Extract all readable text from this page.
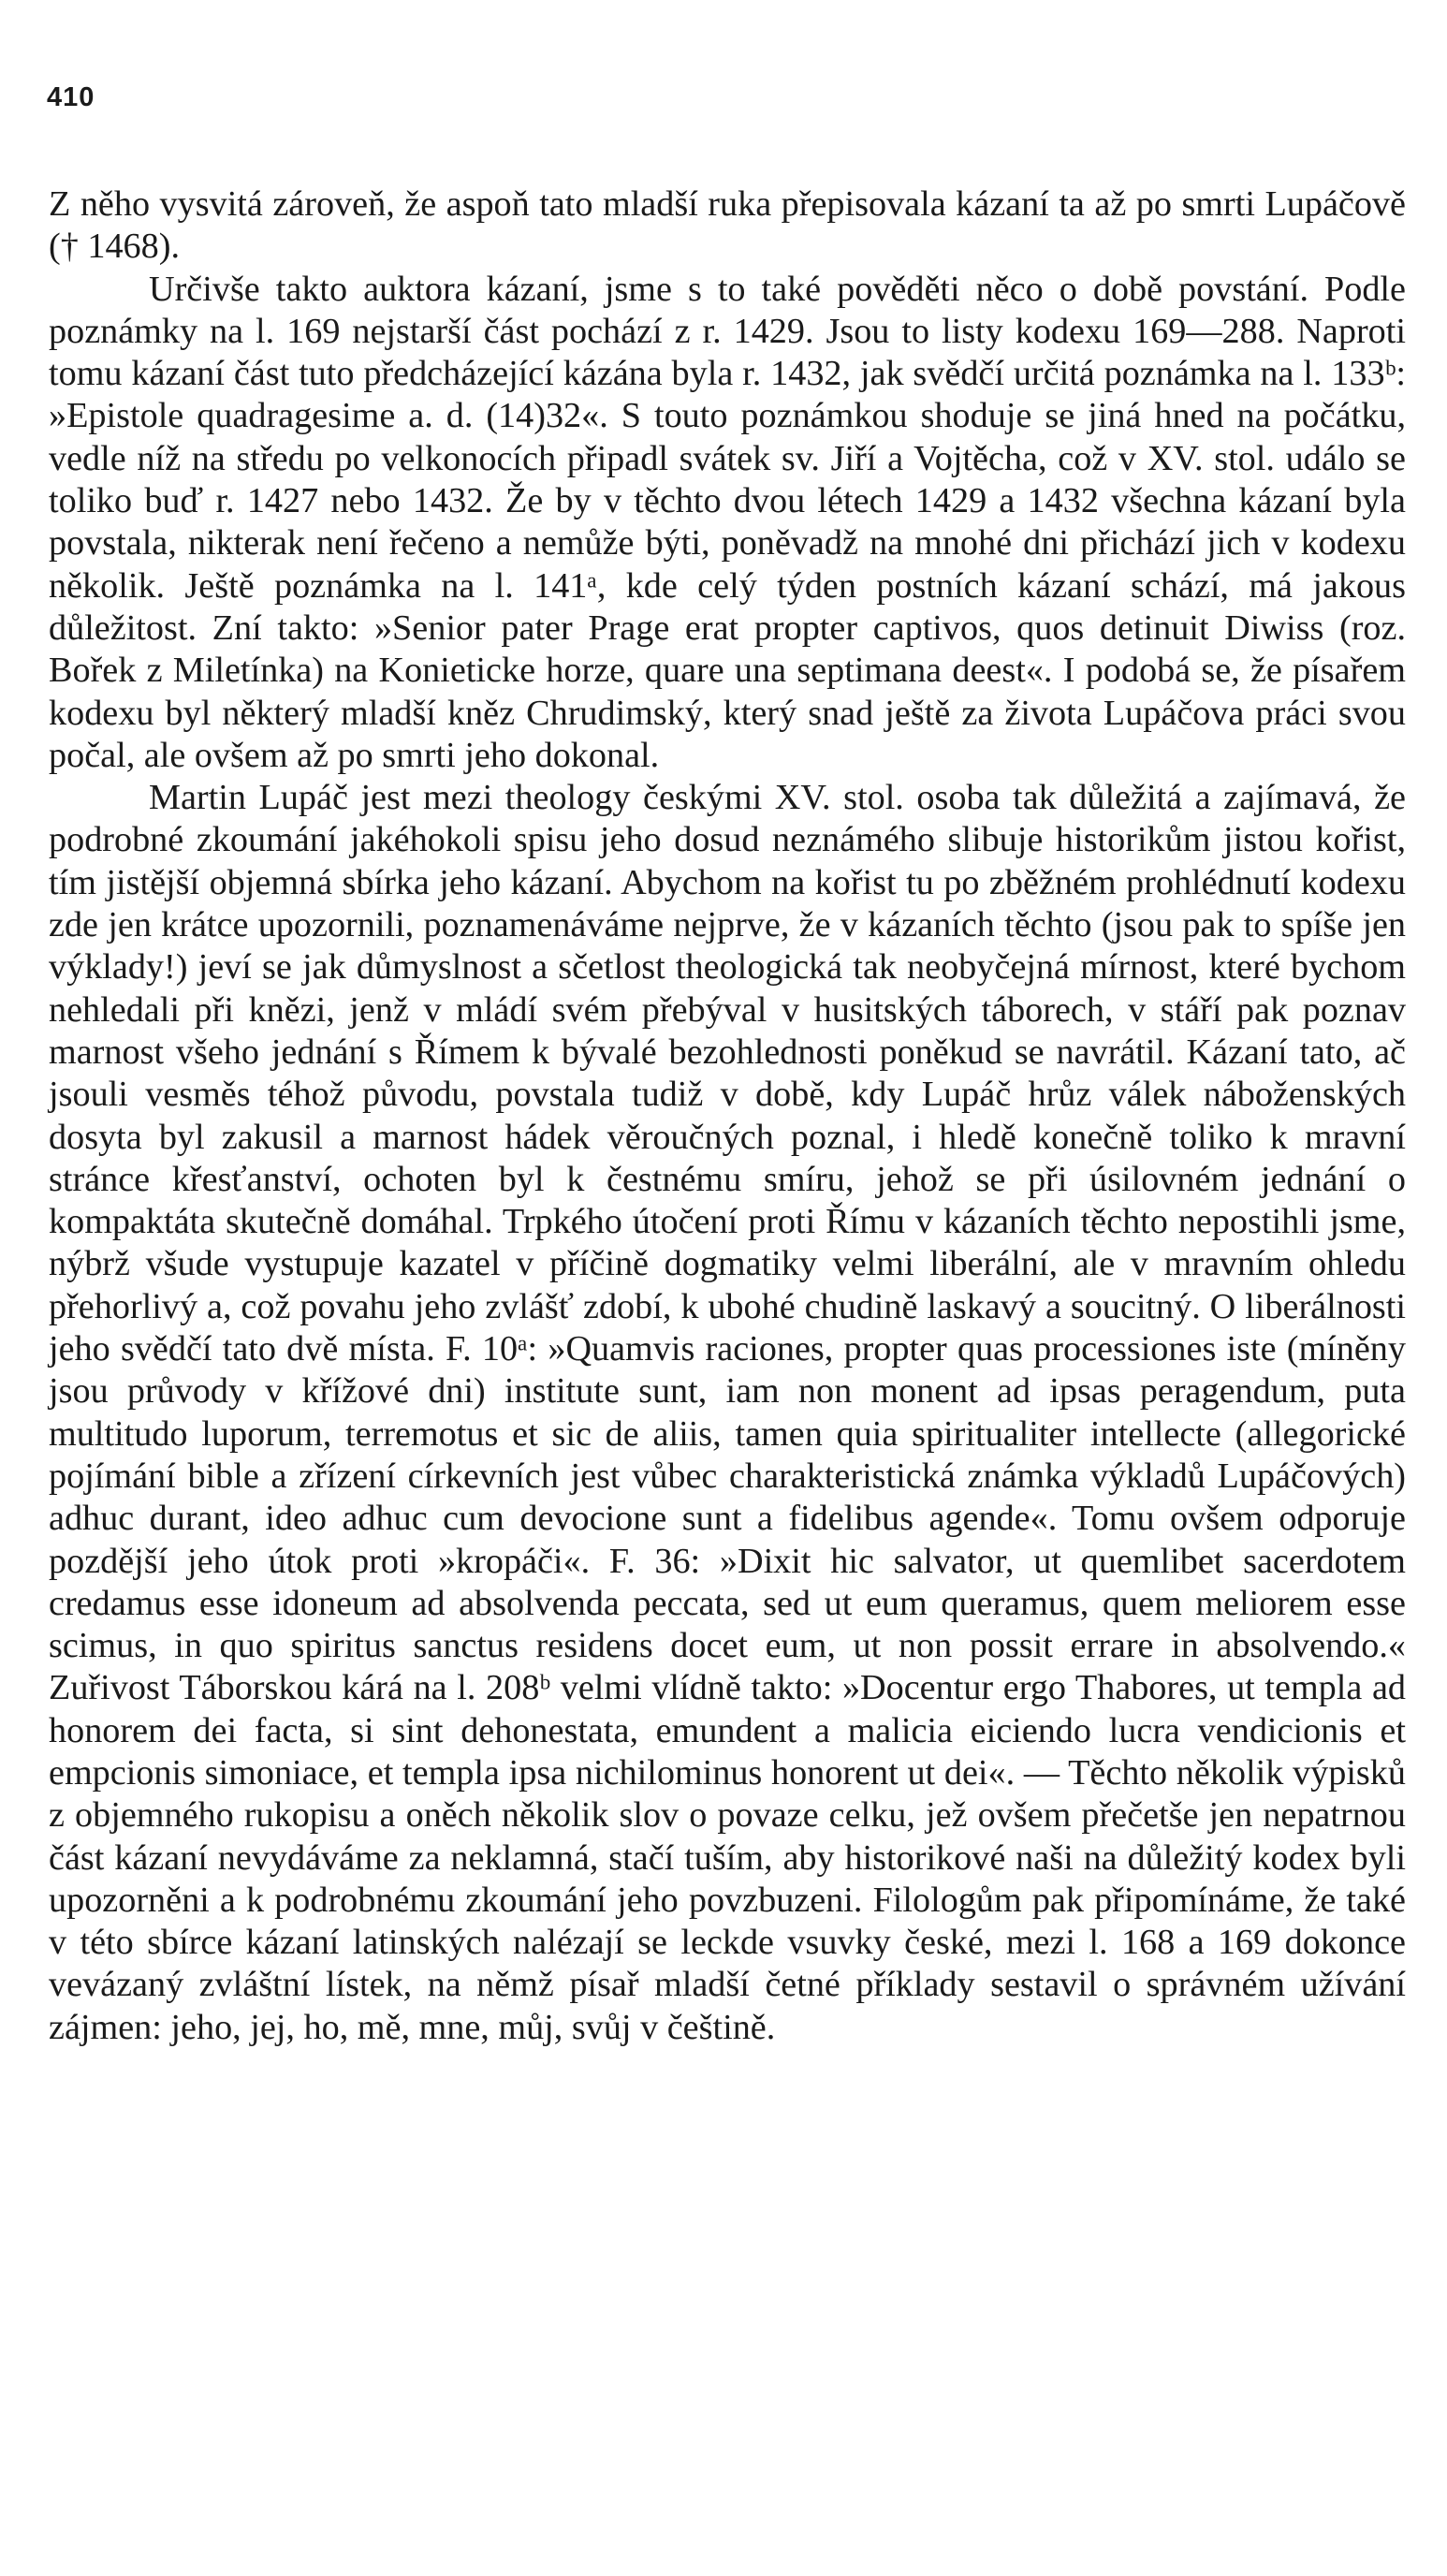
410

Z něho vysvitá zároveň, že aspoň tato mladší ruka přepisovala kázaní ta až po smrti Lupáčově († 1468).

Určivše takto auktora kázaní, jsme s to také pověděti něco o době povstání. Podle poznámky na l. 169 nejstarší část pochází z r. 1429. Jsou to listy kodexu 169—288. Naproti tomu kázaní část tuto předcházející kázána byla r. 1432, jak svědčí určitá poznámka na l. 133ᵇ: »Epistole quadragesime a. d. (14)32«. S touto poznámkou shoduje se jiná hned na počátku, vedle níž na středu po velkonocích připadl svátek sv. Jiří a Vojtěcha, což v XV. stol. událo se toliko buď r. 1427 nebo 1432. Že by v těchto dvou létech 1429 a 1432 všechna kázaní byla povstala, nikterak není řečeno a nemůže býti, poněvadž na mnohé dni přichází jich v kodexu několik. Ještě poznámka na l. 141ᵃ, kde celý týden postních kázaní schází, má jakous důležitost. Zní takto: »Senior pater Prage erat propter captivos, quos detinuit Diwiss (roz. Bořek z Miletínka) na Konieticke horze, quare una septimana deest«. I podobá se, že písařem kodexu byl některý mladší kněz Chrudimský, který snad ještě za života Lupáčova práci svou počal, ale ovšem až po smrti jeho dokonal.

Martin Lupáč jest mezi theology českými XV. stol. osoba tak důležitá a zajímavá, že podrobné zkoumání jakéhokoli spisu jeho dosud neznámého slibuje historikům jistou kořist, tím jistější objemná sbírka jeho kázaní. Abychom na kořist tu po zběžném prohlédnutí kodexu zde jen krátce upozornili, poznamenáváme nejprve, že v kázaních těchto (jsou pak to spíše jen výklady!) jeví se jak důmyslnost a sčetlost theologická tak neobyčejná mírnost, které bychom nehledali při knězi, jenž v mládí svém přebýval v husitských táborech, v stáří pak poznav marnost všeho jednání s Římem k bývalé bezohlednosti poněkud se navrátil. Kázaní tato, ač jsouli vesměs téhož původu, povstala tudiž v době, kdy Lupáč hrůz válek náboženských dosyta byl zakusil a marnost hádek věroučných poznal, i hledě konečně toliko k mravní stránce křesťanství, ochoten byl k čestnému smíru, jehož se při úsilovném jednání o kompaktáta skutečně domáhal. Trpkého útočení proti Římu v kázaních těchto nepostihli jsme, nýbrž všude vystupuje kazatel v příčině dogmatiky velmi liberální, ale v mravním ohledu přehorlivý a, což povahu jeho zvlášť zdobí, k ubohé chudině laskavý a soucitný. O liberálnosti jeho svědčí tato dvě místa. F. 10ᵃ: »Quamvis raciones, propter quas processiones iste (míněny jsou průvody v křížové dni) institute sunt, iam non monent ad ipsas peragendum, puta multitudo luporum, terremotus et sic de aliis, tamen quia spiritualiter intellecte (allegorické pojímání bible a zřízení církevních jest vůbec charakteristická známka výkladů Lupáčových) adhuc durant, ideo adhuc cum devocione sunt a fidelibus agende«. Tomu ovšem odporuje pozdější jeho útok proti »kropáči«. F. 36: »Dixit hic salvator, ut quemlibet sacerdotem credamus esse idoneum ad absolvenda peccata, sed ut eum queramus, quem meliorem esse scimus, in quo spiritus sanctus residens docet eum, ut non possit errare in absolvendo.« Zuřivost Táborskou kárá na l. 208ᵇ velmi vlídně takto: »Docentur ergo Thabores, ut templa ad honorem dei facta, si sint dehonestata, emundent a malicia eiciendo lucra vendicionis et empcionis simoniace, et templa ipsa nichilominus honorent ut dei«. — Těchto několik výpisků z objemného rukopisu a oněch několik slov o povaze celku, jež ovšem přečetše jen nepatrnou část kázaní nevydáváme za neklamná, stačí tuším, aby historikové naši na důležitý kodex byli upozorněni a k podrobnému zkoumání jeho povzbuzeni. Filologům pak připomínáme, že také v této sbírce kázaní latinských nalézají se leckde vsuvky české, mezi l. 168 a 169 dokonce vevázaný zvláštní lístek, na němž písař mladší četné příklady sestavil o správném užívání zájmen: jeho, jej, ho, mě, mne, můj, svůj v češtině.
